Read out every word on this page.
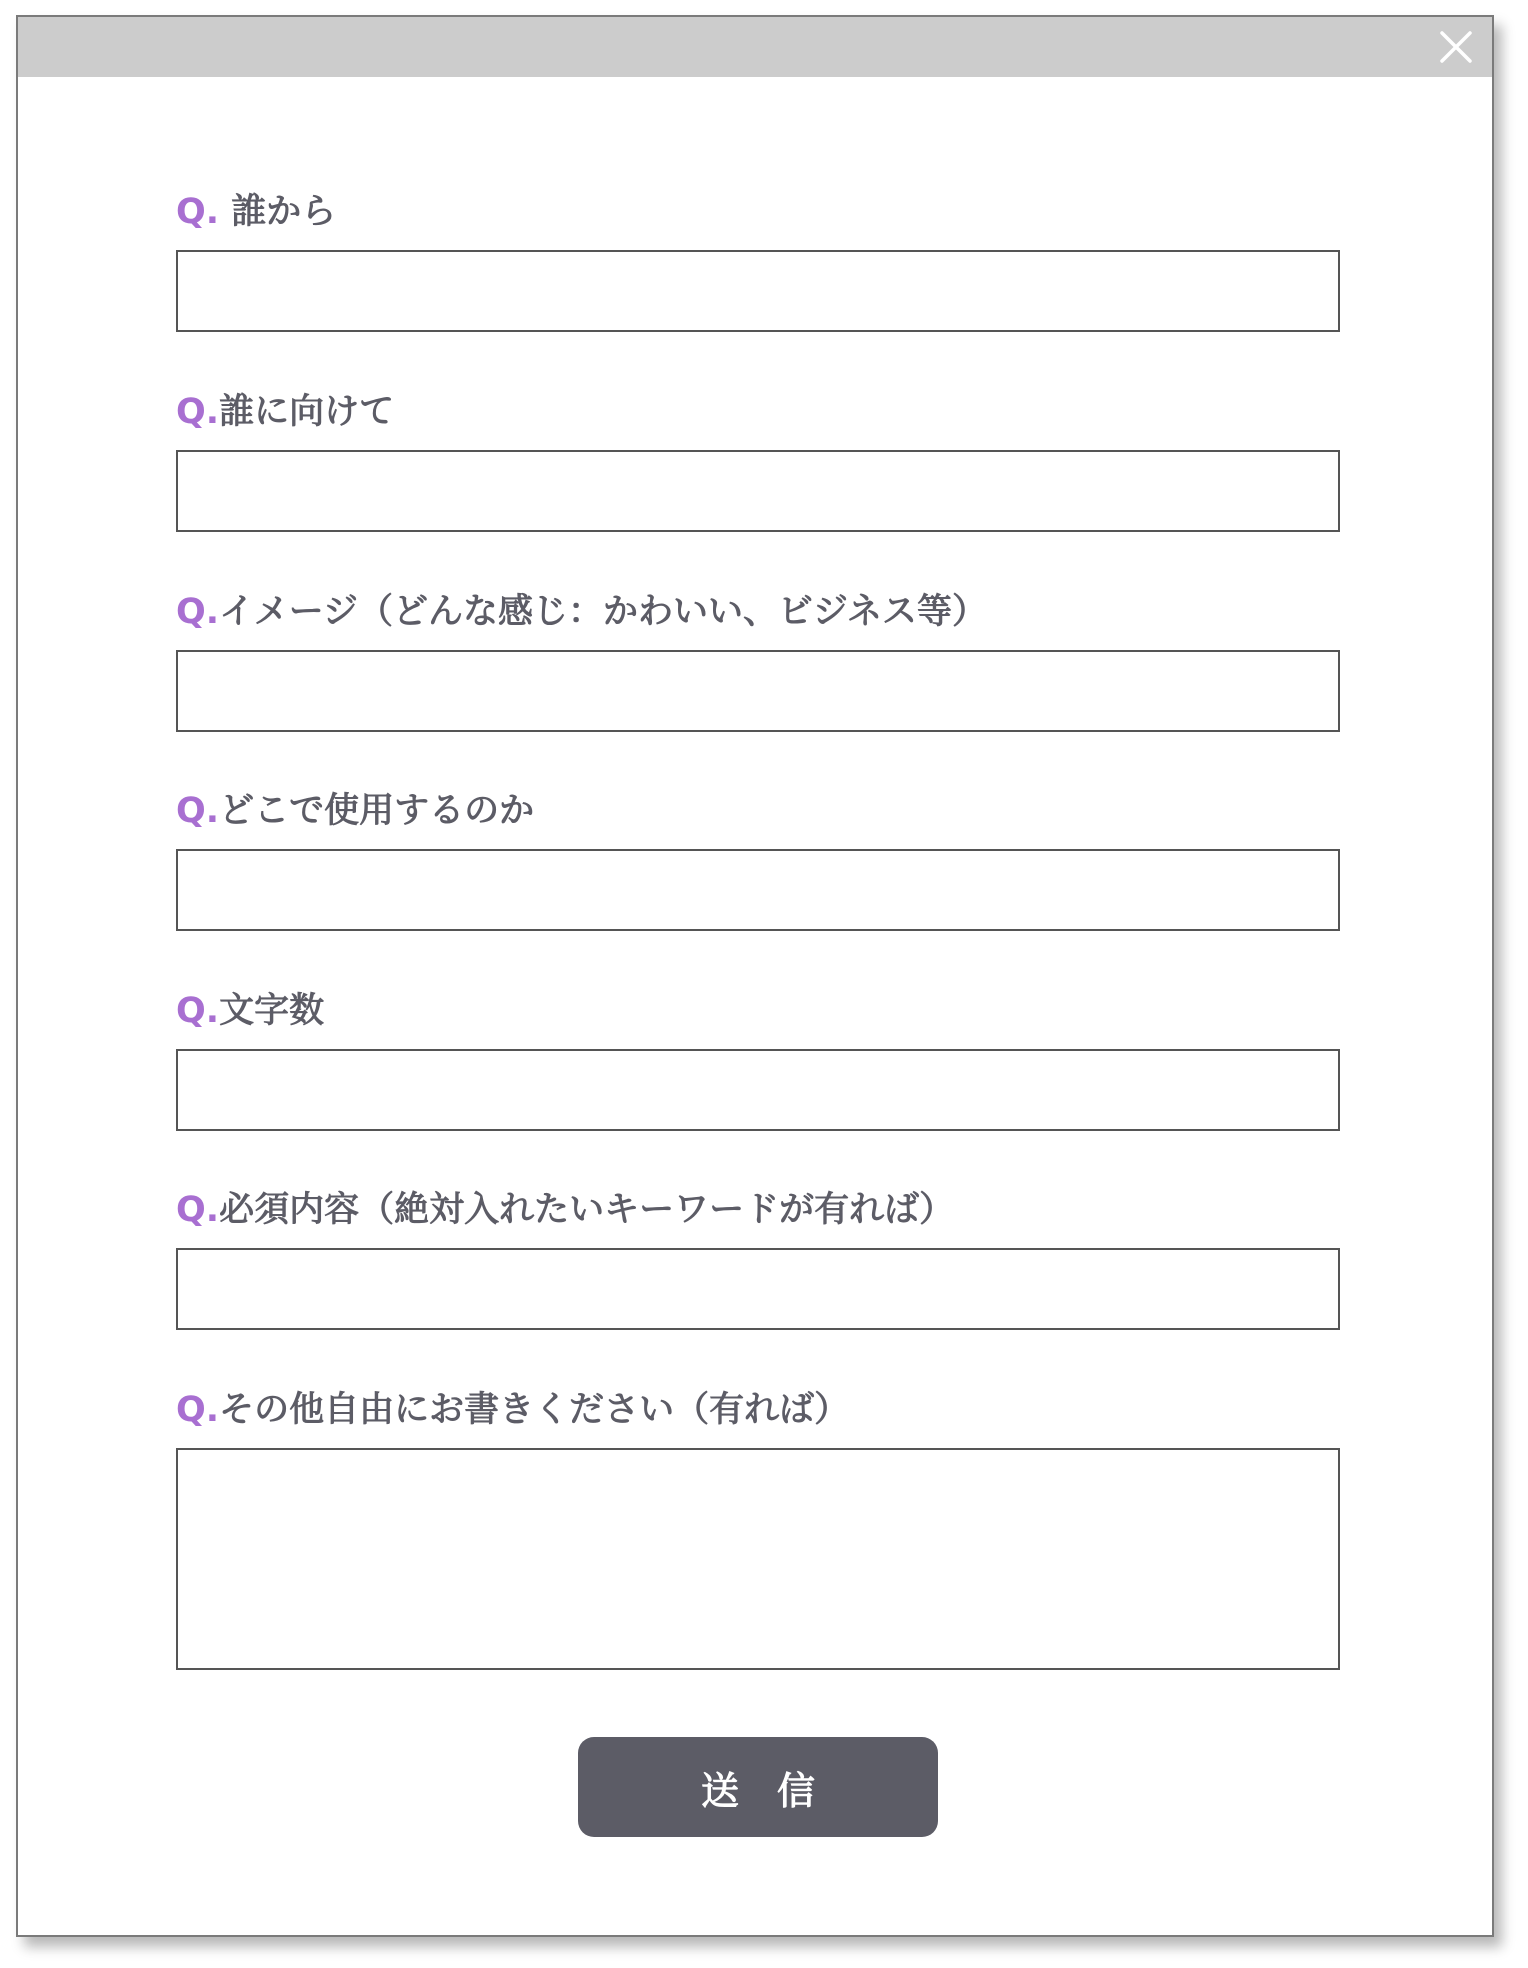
Q. 誰から
Q.誰に向けて
Q.イメージ（どんな感じ：かわいい、ビジネス等）
Q.どこで使用するのか
Q.文字数
Q.必須内容（絶対入れたいキーワードが有れば）
Q.その他自由にお書きください（有れば）
送信
